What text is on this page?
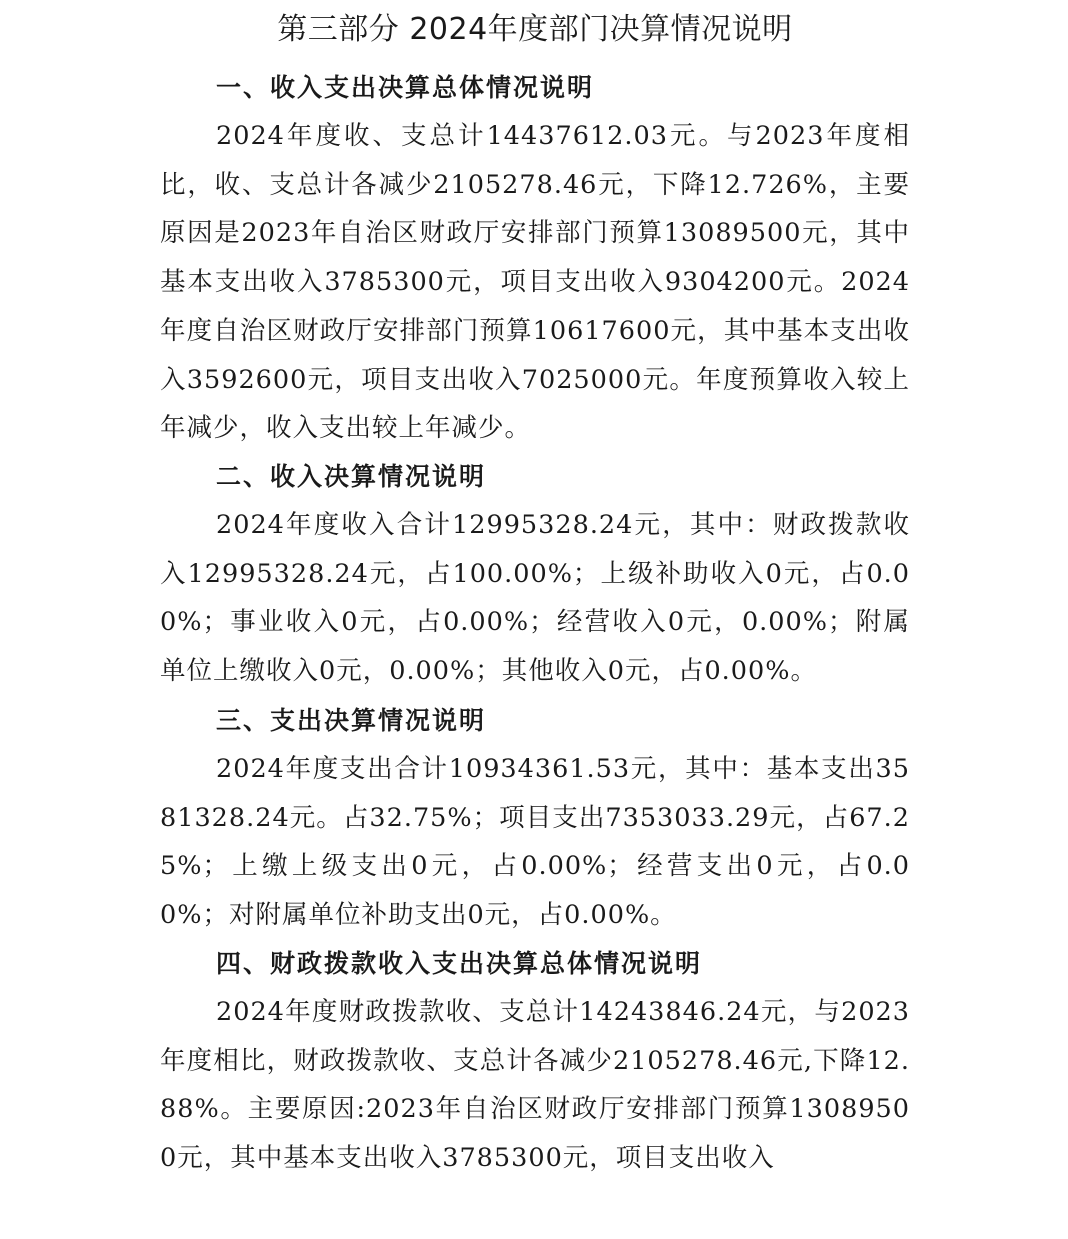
第三部分 2024年度部门决算情况说明
一、收入支出决算总体情况说明

2024年度收、支总计14437612.03元。与2023年度相比，收、支总计各减少2105278.46元，下降12.726%，主要原因是2023年自治区财政厅安排部门预算13089500元，其中基本支出收入3785300元，项目支出收入9304200元。2024年度自治区财政厅安排部门预算10617600元，其中基本支出收入3592600元，项目支出收入7025000元。年度预算收入较上年减少，收入支出较上年减少。

二、收入决算情况说明

2024年度收入合计12995328.24元，其中：财政拨款收入12995328.24元，占100.00%；上级补助收入0元，占0.00%；事业收入0元，占0.00%；经营收入0元，0.00%；附属单位上缴收入0元，0.00%；其他收入0元，占0.00%。

三、支出决算情况说明

2024年度支出合计10934361.53元，其中：基本支出3581328.24元。占32.75%；项目支出7353033.29元，占67.25%；上缴上级支出0元，占0.00%；经营支出0元，占0.00%；对附属单位补助支出0元，占0.00%。

四、财政拨款收入支出决算总体情况说明

2024年度财政拨款收、支总计14243846.24元，与2023年度相比，财政拨款收、支总计各减少2105278.46元,下降12.88%。主要原因:2023年自治区财政厅安排部门预算13089500元，其中基本支出收入3785300元，项目支出收入
